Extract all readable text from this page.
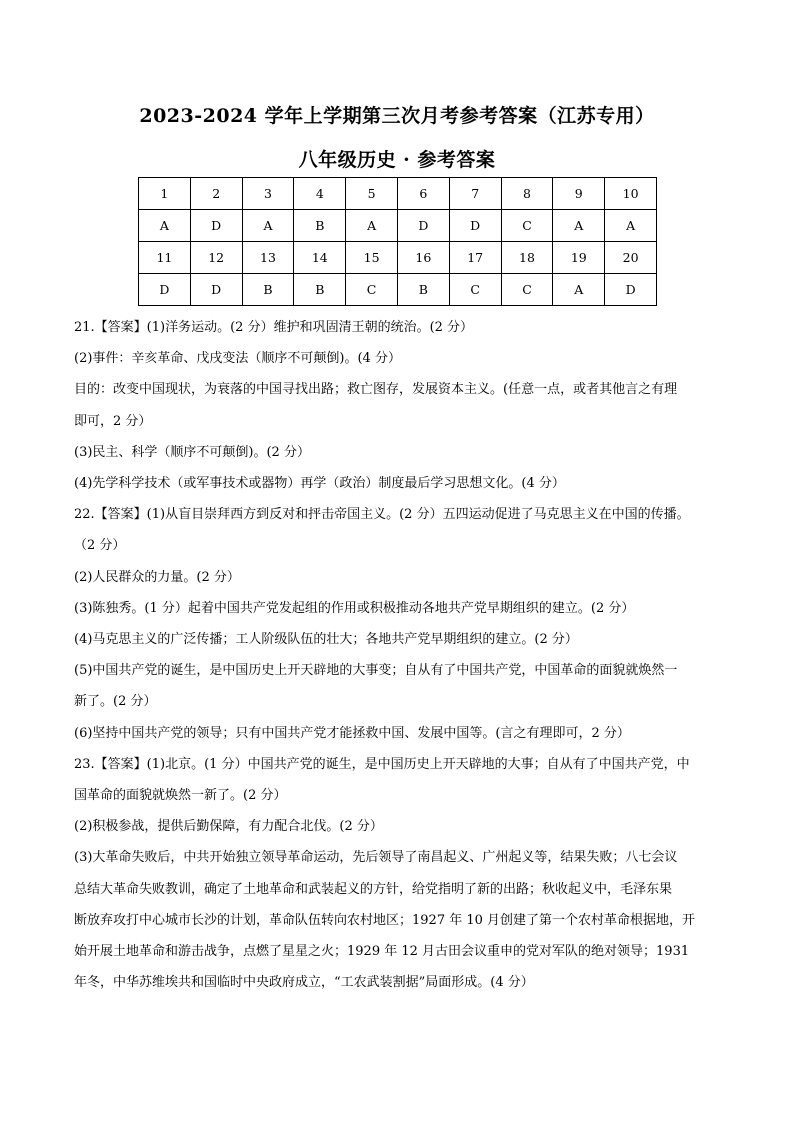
2023-2024 学年上学期第三次月考参考答案（江苏专用）
八年级历史 · 参考答案
1	2	3	4	5	6	7	8	9	10
A	D	A	B	A	D	D	C	A	A
11	12	13	14	15	16	17	18	19	20
D	D	B	B	C	B	C	C	A	D

21.【答案】(1)洋务运动。(2 分）维护和巩固清王朝的统治。(2 分）

(2)事件：辛亥革命、戊戌变法（顺序不可颠倒)。(4 分）

目的：改变中国现状，为衰落的中国寻找出路；救亡图存，发展资本主义。(任意一点，或者其他言之有理

即可，2 分）

(3)民主、科学（顺序不可颠倒)。(2 分）

(4)先学科学技术（或军事技术或器物）再学（政治）制度最后学习思想文化。(4 分）

22.【答案】(1)从盲目崇拜西方到反对和抨击帝国主义。(2 分）五四运动促进了马克思主义在中国的传播。

（2 分）

(2)人民群众的力量。(2 分）

(3)陈独秀。(1 分）起着中国共产党发起组的作用或积极推动各地共产党早期组织的建立。(2 分）

(4)马克思主义的广泛传播；工人阶级队伍的壮大；各地共产党早期组织的建立。(2 分）

(5)中国共产党的诞生，是中国历史上开天辟地的大事变；自从有了中国共产党，中国革命的面貌就焕然一

新了。(2 分）

(6)坚持中国共产党的领导；只有中国共产党才能拯救中国、发展中国等。(言之有理即可，2 分）

23.【答案】(1)北京。(1 分）中国共产党的诞生，是中国历史上开天辟地的大事；自从有了中国共产党，中

国革命的面貌就焕然一新了。(2 分）

(2)积极参战，提供后勤保障，有力配合北伐。(2 分）

(3)大革命失败后，中共开始独立领导革命运动，先后领导了南昌起义、广州起义等，结果失败；八七会议

总结大革命失败教训，确定了土地革命和武装起义的方针，给党指明了新的出路；秋收起义中，毛泽东果

断放弃攻打中心城市长沙的计划，革命队伍转向农村地区；1927 年 10 月创建了第一个农村革命根据地，开

始开展土地革命和游击战争，点燃了星星之火；1929 年 12 月古田会议重申的党对军队的绝对领导；1931

年冬，中华苏维埃共和国临时中央政府成立，“工农武装割据”局面形成。(4 分）
